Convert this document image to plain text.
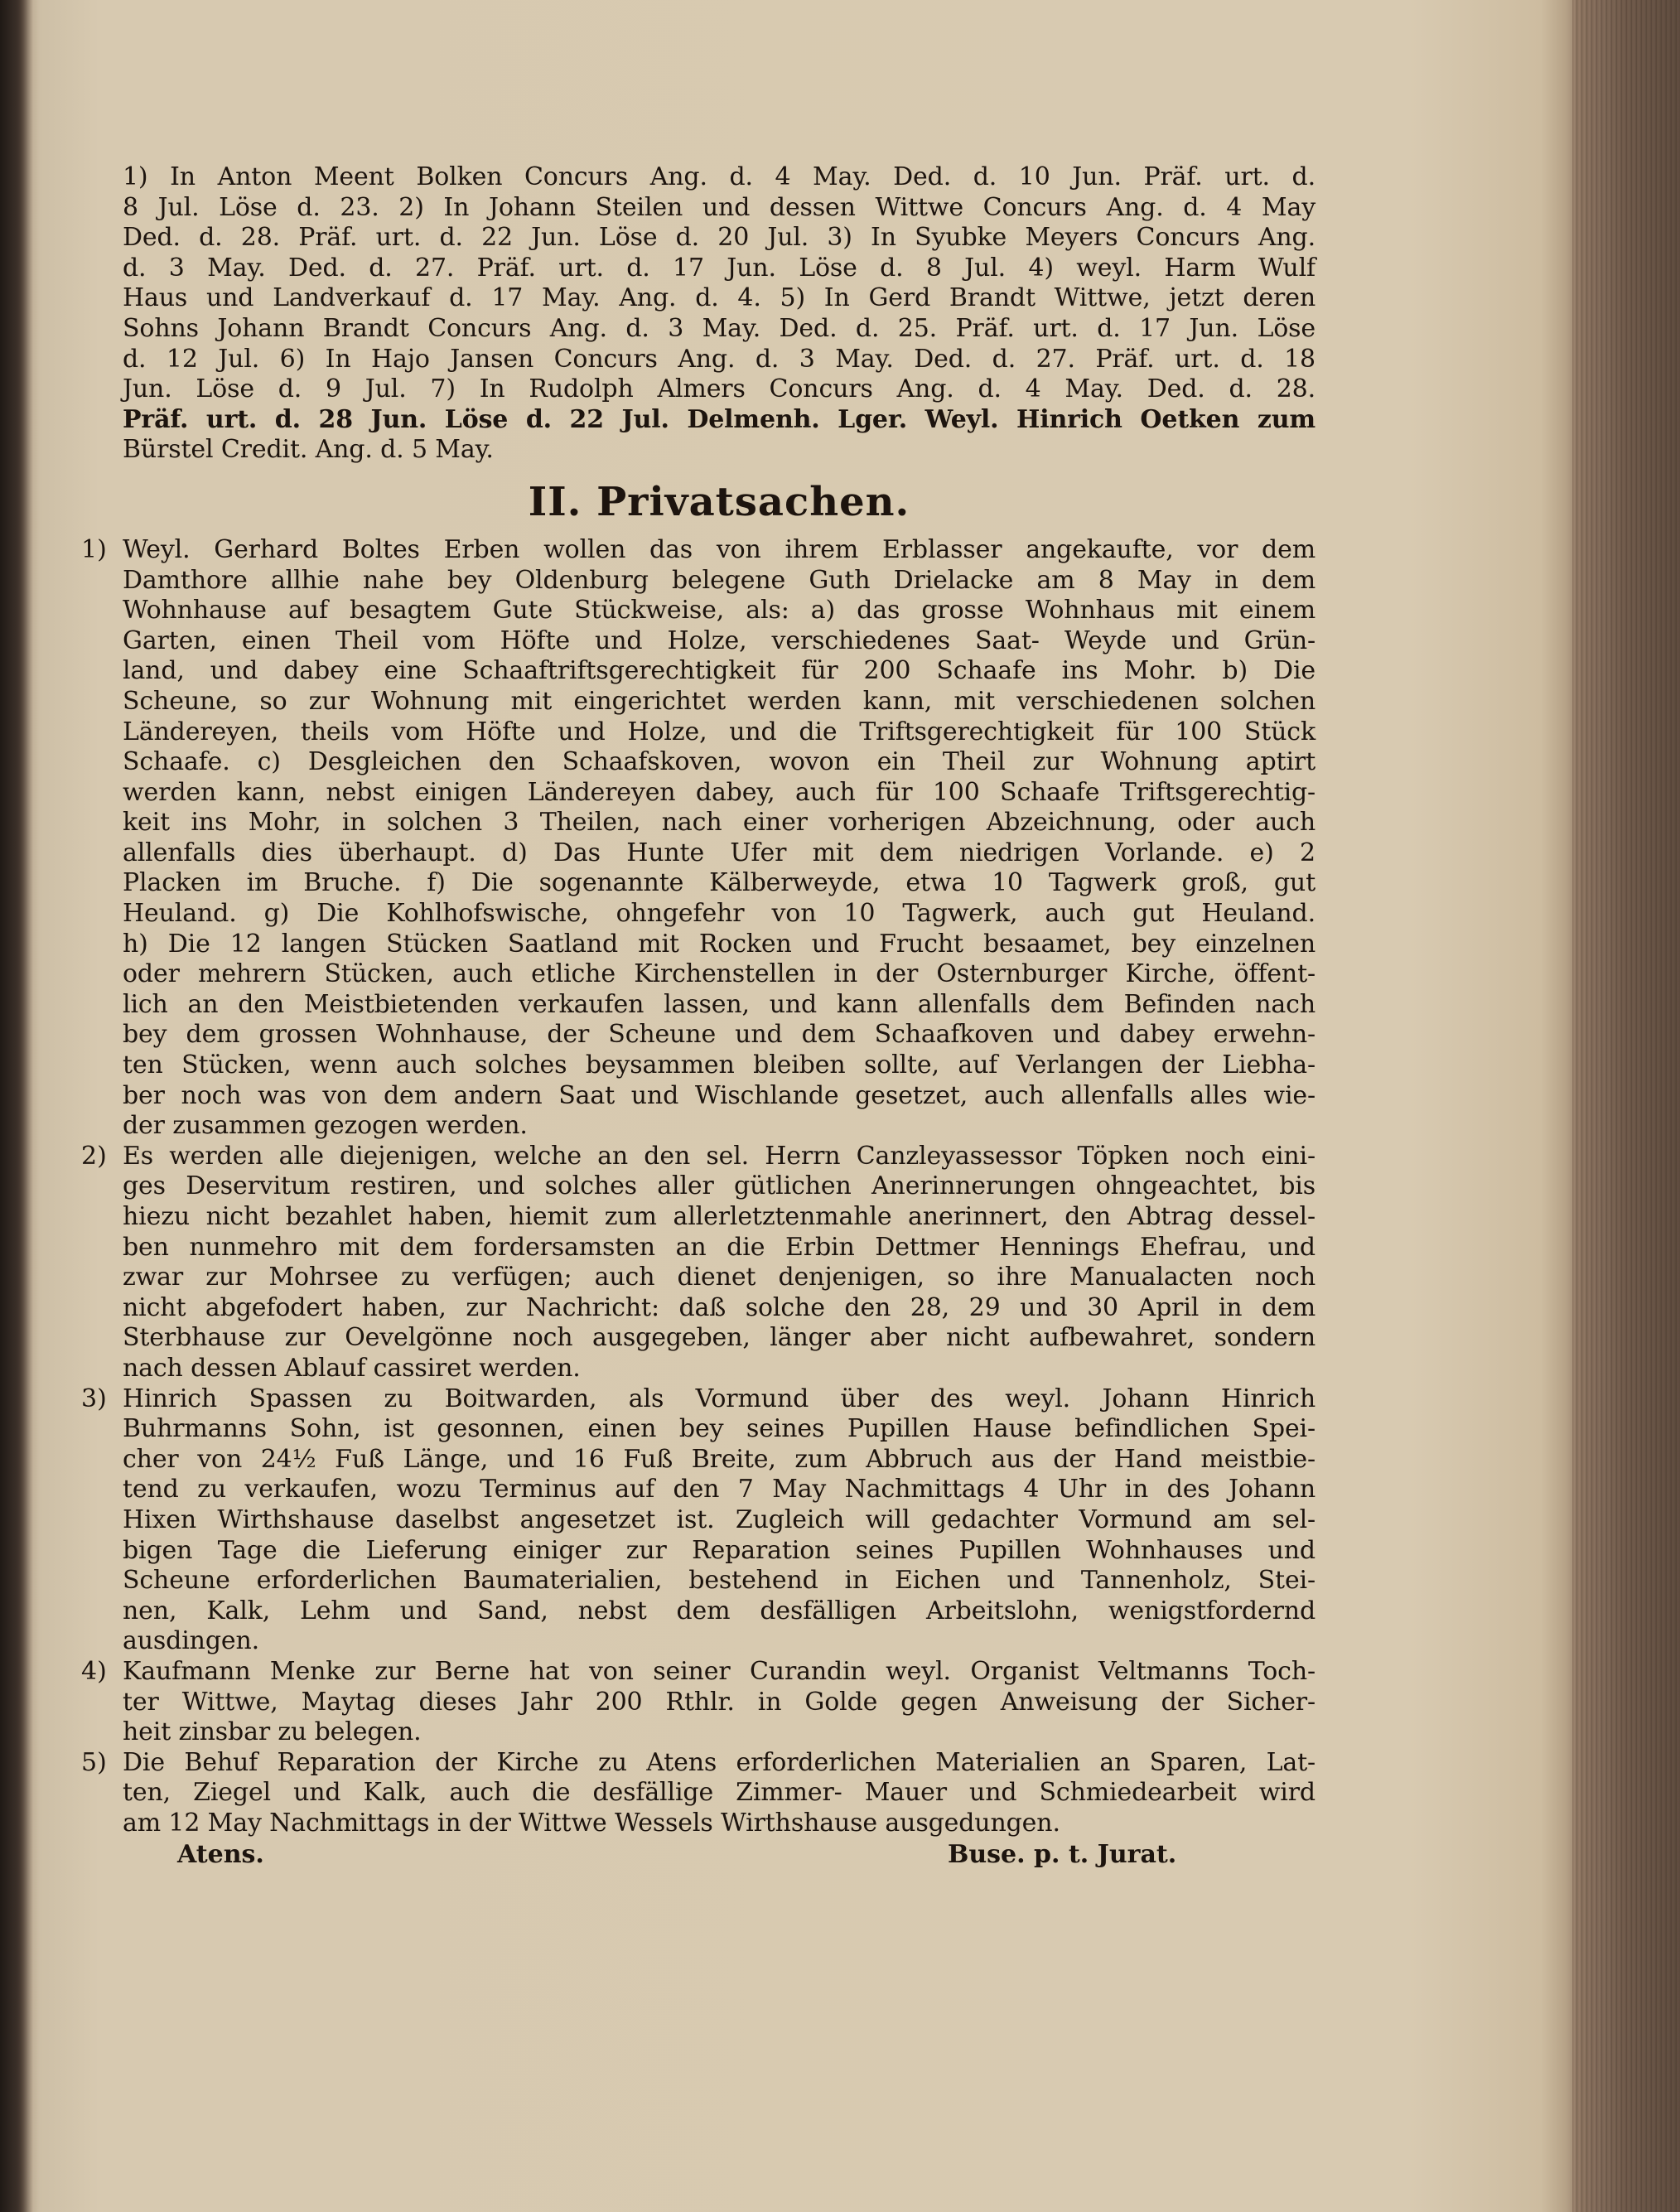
1) In Anton Meent Bolken Concurs Ang. d. 4 May. Ded. d. 10 Jun. Präf. urt. d.
8 Jul. Löse d. 23. 2) In Johann Steilen und dessen Wittwe Concurs Ang. d. 4 May
Ded. d. 28. Präf. urt. d. 22 Jun. Löse d. 20 Jul. 3) In Syubke Meyers Concurs Ang.
d. 3 May. Ded. d. 27. Präf. urt. d. 17 Jun. Löse d. 8 Jul. 4) weyl. Harm Wulf
Haus und Landverkauf d. 17 May. Ang. d. 4. 5) In Gerd Brandt Wittwe, jetzt deren
Sohns Johann Brandt Concurs Ang. d. 3 May. Ded. d. 25. Präf. urt. d. 17 Jun. Löse
d. 12 Jul. 6) In Hajo Jansen Concurs Ang. d. 3 May. Ded. d. 27. Präf. urt. d. 18
Jun. Löse d. 9 Jul. 7) In Rudolph Almers Concurs Ang. d. 4 May. Ded. d. 28.
Präf. urt. d. 28 Jun. Löse d. 22 Jul. Delmenh. Lger. Weyl. Hinrich Oetken zum
Bürstel Credit. Ang. d. 5 May.
II. Privatsachen.
1) Weyl. Gerhard Boltes Erben wollen das von ihrem Erblasser angekaufte, vor dem
Damthore allhie nahe bey Oldenburg belegene Guth Drielacke am 8 May in dem
Wohnhause auf besagtem Gute Stückweise, als: a) das grosse Wohnhaus mit einem
Garten, einen Theil vom Höfte und Holze, verschiedenes Saat- Weyde und Grün-
land, und dabey eine Schaaftriftsgerechtigkeit für 200 Schaafe ins Mohr. b) Die
Scheune, so zur Wohnung mit eingerichtet werden kann, mit verschiedenen solchen
Ländereyen, theils vom Höfte und Holze, und die Triftsgerechtigkeit für 100 Stück
Schaafe. c) Desgleichen den Schaafskoven, wovon ein Theil zur Wohnung aptirt
werden kann, nebst einigen Ländereyen dabey, auch für 100 Schaafe Triftsgerechtig-
keit ins Mohr, in solchen 3 Theilen, nach einer vorherigen Abzeichnung, oder auch
allenfalls dies überhaupt. d) Das Hunte Ufer mit dem niedrigen Vorlande. e) 2
Placken im Bruche. f) Die sogenannte Kälberweyde, etwa 10 Tagwerk groß, gut
Heuland. g) Die Kohlhofswische, ohngefehr von 10 Tagwerk, auch gut Heuland.
h) Die 12 langen Stücken Saatland mit Rocken und Frucht besaamet, bey einzelnen
oder mehrern Stücken, auch etliche Kirchenstellen in der Osternburger Kirche, öffent-
lich an den Meistbietenden verkaufen lassen, und kann allenfalls dem Befinden nach
bey dem grossen Wohnhause, der Scheune und dem Schaafkoven und dabey erwehn-
ten Stücken, wenn auch solches beysammen bleiben sollte, auf Verlangen der Liebha-
ber noch was von dem andern Saat und Wischlande gesetzet, auch allenfalls alles wie-
der zusammen gezogen werden.
2) Es werden alle diejenigen, welche an den sel. Herrn Canzleyassessor Töpken noch eini-
ges Deservitum restiren, und solches aller gütlichen Anerinnerungen ohngeachtet, bis
hiezu nicht bezahlet haben, hiemit zum allerletztenmahle anerinnert, den Abtrag dessel-
ben nunmehro mit dem fordersamsten an die Erbin Dettmer Hennings Ehefrau, und
zwar zur Mohrsee zu verfügen; auch dienet denjenigen, so ihre Manualacten noch
nicht abgefodert haben, zur Nachricht: daß solche den 28, 29 und 30 April in dem
Sterbhause zur Oevelgönne noch ausgegeben, länger aber nicht aufbewahret, sondern
nach dessen Ablauf cassiret werden.
3) Hinrich Spassen zu Boitwarden, als Vormund über des weyl. Johann Hinrich
Buhrmanns Sohn, ist gesonnen, einen bey seines Pupillen Hause befindlichen Spei-
cher von 24½ Fuß Länge, und 16 Fuß Breite, zum Abbruch aus der Hand meistbie-
tend zu verkaufen, wozu Terminus auf den 7 May Nachmittags 4 Uhr in des Johann
Hixen Wirthshause daselbst angesetzet ist. Zugleich will gedachter Vormund am sel-
bigen Tage die Lieferung einiger zur Reparation seines Pupillen Wohnhauses und
Scheune erforderlichen Baumaterialien, bestehend in Eichen und Tannenholz, Stei-
nen, Kalk, Lehm und Sand, nebst dem desfälligen Arbeitslohn, wenigstfordernd
ausdingen.
4) Kaufmann Menke zur Berne hat von seiner Curandin weyl. Organist Veltmanns Toch-
ter Wittwe, Maytag dieses Jahr 200 Rthlr. in Golde gegen Anweisung der Sicher-
heit zinsbar zu belegen.
5) Die Behuf Reparation der Kirche zu Atens erforderlichen Materialien an Sparen, Lat-
ten, Ziegel und Kalk, auch die desfällige Zimmer- Mauer und Schmiedearbeit wird
am 12 May Nachmittags in der Wittwe Wessels Wirthshause ausgedungen.
Atens.	Buse. p. t. Jurat.
